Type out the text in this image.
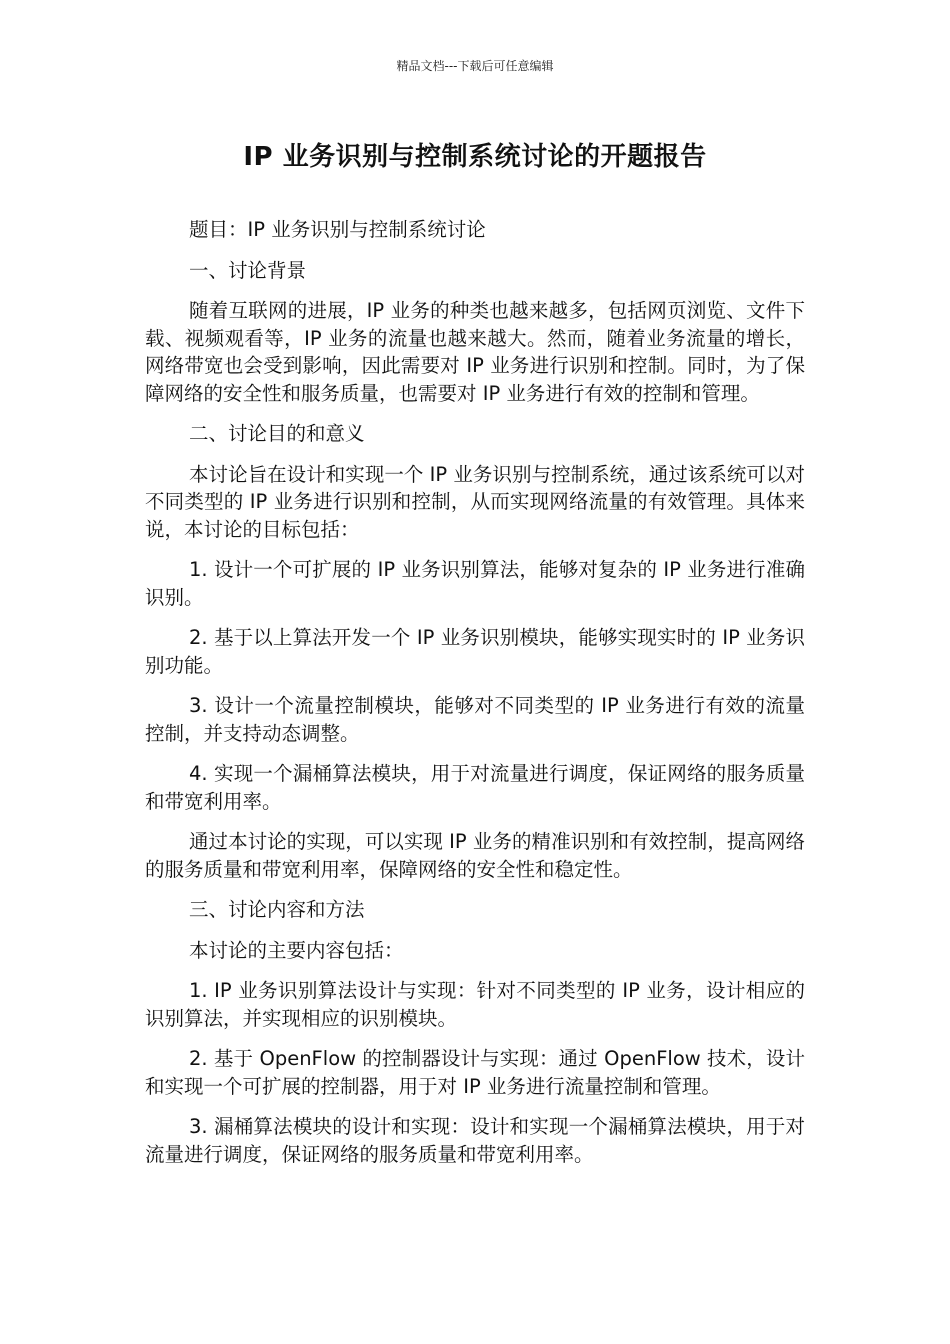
精品文档---下载后可任意编辑
IP 业务识别与控制系统讨论的开题报告

题目：IP 业务识别与控制系统讨论

一、讨论背景

随着互联网的进展，IP 业务的种类也越来越多，包括网页浏览、文件下载、视频观看等，IP 业务的流量也越来越大。然而，随着业务流量的增长，网络带宽也会受到影响，因此需要对 IP 业务进行识别和控制。同时，为了保障网络的安全性和服务质量，也需要对 IP 业务进行有效的控制和管理。

二、讨论目的和意义

本讨论旨在设计和实现一个 IP 业务识别与控制系统，通过该系统可以对不同类型的 IP 业务进行识别和控制，从而实现网络流量的有效管理。具体来说，本讨论的目标包括：

1. 设计一个可扩展的 IP 业务识别算法，能够对复杂的 IP 业务进行准确识别。

2. 基于以上算法开发一个 IP 业务识别模块，能够实现实时的 IP 业务识别功能。

3. 设计一个流量控制模块，能够对不同类型的 IP 业务进行有效的流量控制，并支持动态调整。

4. 实现一个漏桶算法模块，用于对流量进行调度，保证网络的服务质量和带宽利用率。

通过本讨论的实现，可以实现 IP 业务的精准识别和有效控制，提高网络的服务质量和带宽利用率，保障网络的安全性和稳定性。

三、讨论内容和方法

本讨论的主要内容包括：

1. IP 业务识别算法设计与实现：针对不同类型的 IP 业务，设计相应的识别算法，并实现相应的识别模块。

2. 基于 OpenFlow 的控制器设计与实现：通过 OpenFlow 技术，设计和实现一个可扩展的控制器，用于对 IP 业务进行流量控制和管理。

3. 漏桶算法模块的设计和实现：设计和实现一个漏桶算法模块，用于对流量进行调度，保证网络的服务质量和带宽利用率。
